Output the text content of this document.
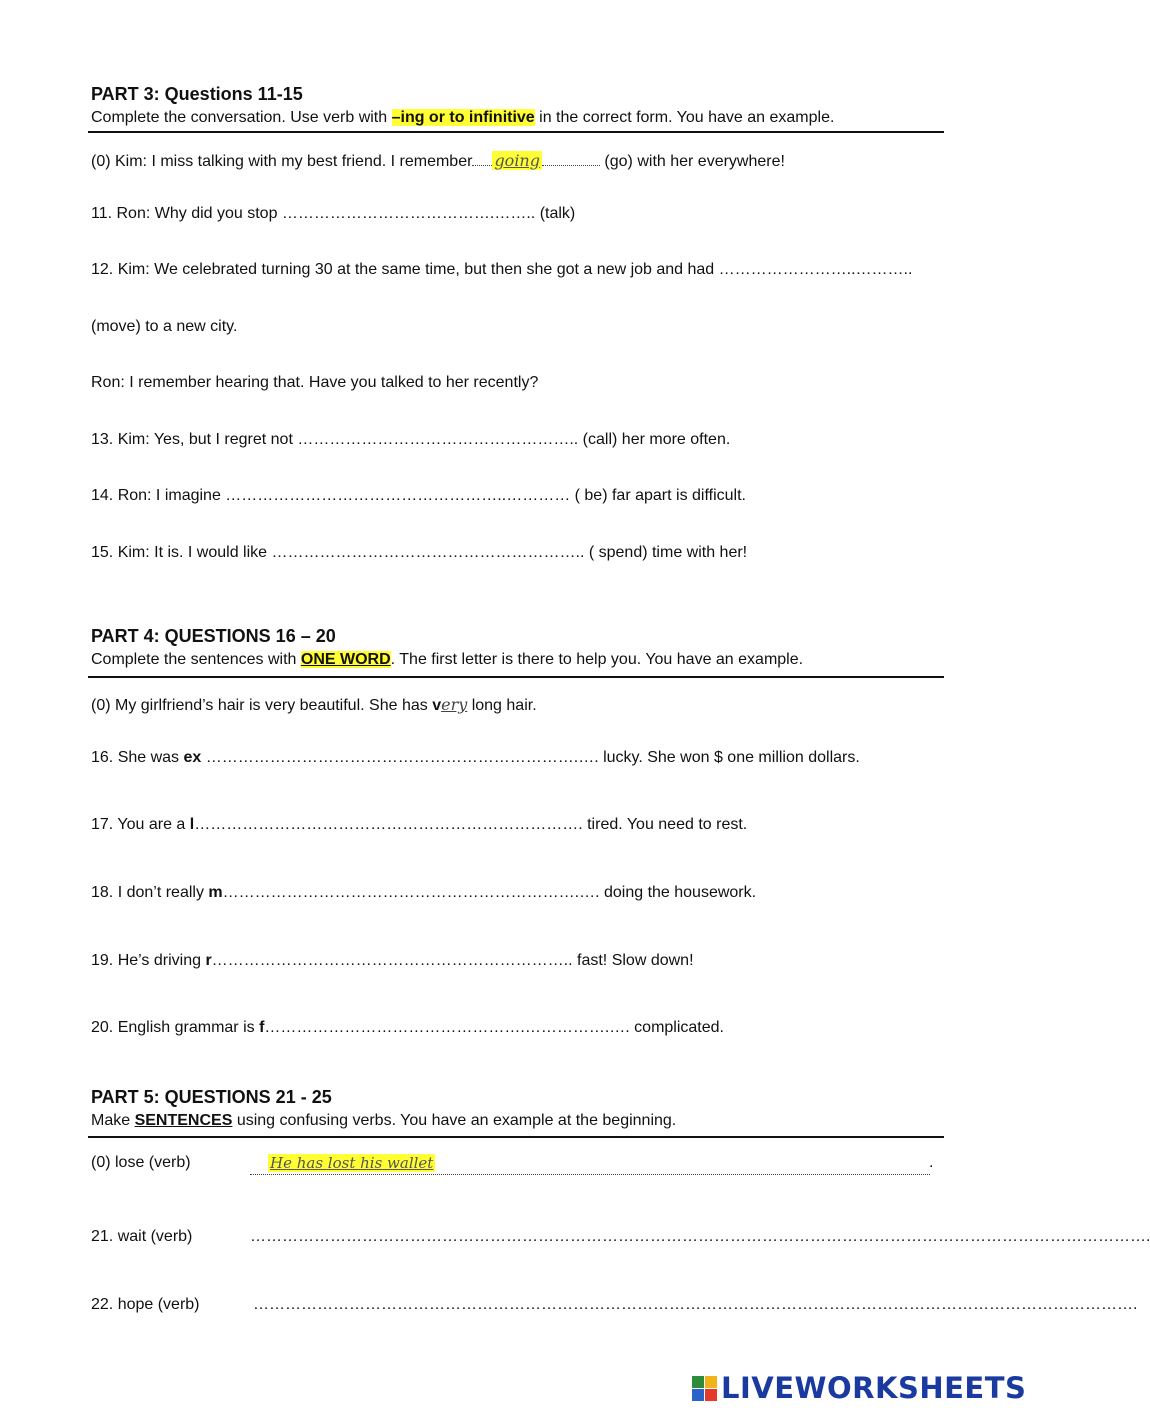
PART 3: Questions 11-15
Complete the conversation. Use verb with –ing or to infinitive in the correct form. You have an example.
(0) Kim: I miss talking with my best friend. I remember going	(go) with her everywhere!
11. Ron: Why did you stop ………………………………….…….. (talk)
12. Kim: We celebrated turning 30 at the same time, but then she got a new job and had ……………………..………..
(move) to a new city.
Ron: I remember hearing that. Have you talked to her recently?
13. Kim: Yes, but I regret not …………………………………………….. (call) her more often.
14. Ron: I imagine ……………………………………………..………… ( be) far apart is difficult.
15. Kim: It is. I would like ………………………………………………….. ( spend) time with her!
PART 4: QUESTIONS 16 – 20
Complete the sentences with ONE WORD. The first letter is there to help you. You have an example.
(0) My girlfriend’s hair is very beautiful. She has very long hair.
16. She was ex …………………………………………………………….…. lucky. She won $ one million dollars.
17. You are a l………………………………………………………………. tired. You need to rest.
18. I don’t really m………………………………………………………….…. doing the housework.
19. He’s driving r………………………………………………………….. fast! Slow down!
20. English grammar is f………………………………………….…………….…. complicated.
PART 5: QUESTIONS 21 - 25
Make SENTENCES using confusing verbs. You have an example at the beginning.
(0) lose (verb)	He has lost his wallet	.
21. wait (verb)	…………………………………………………………………………………………………………………………………………………….
22. hope (verb)	………………………………………………………………………………………………………………………………………………….
LIVEWORKSHEETS
